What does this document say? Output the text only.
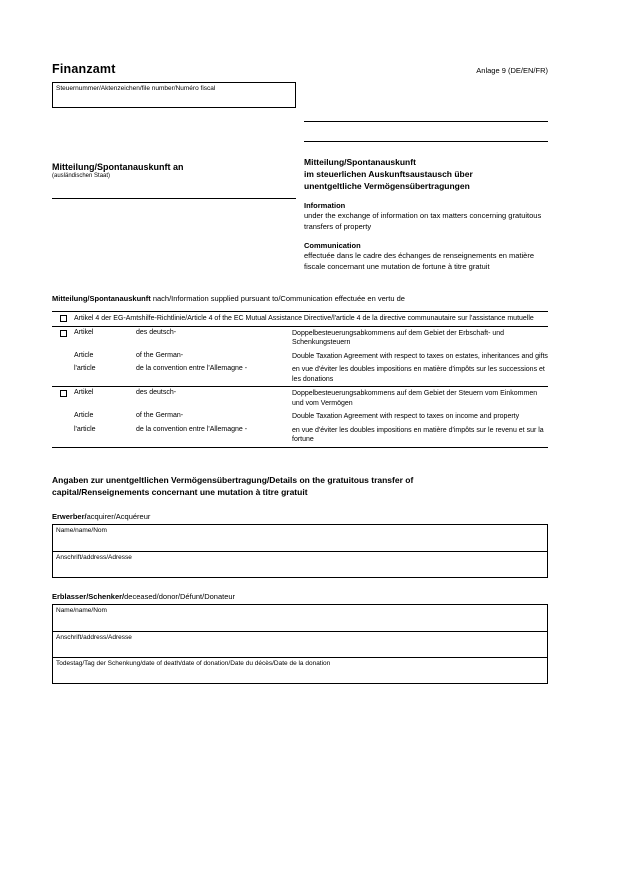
Finanzamt	Anlage 9 (DE/EN/FR)
Steuernummer/Aktenzeichen/file number/Numéro fiscal
Mitteilung/Spontanauskunft an
(ausländischen Staat)
Mitteilung/Spontanauskunft
im steuerlichen Auskunftsaustausch über
unentgeltliche Vermögensübertragungen
Information
under the exchange of information on tax matters concerning gratuitous transfers of property
Communication
effectuée dans le cadre des échanges de renseignements en matière fiscale concernant une mutation de fortune à titre gratuit
Mitteilung/Spontanauskunft nach/Information supplied pursuant to/Communication effectuée en vertu de
Artikel 4 der EG-Amtshilfe-Richtlinie/Article 4 of the EC Mutual Assistance Directive/l'article 4 de la directive communautaire sur l'assistance mutuelle
Artikel	des deutsch-	Doppelbesteuerungsabkommens auf dem Gebiet der Erbschaft- und Schenkungsteuern
Article	of the German-	Double Taxation Agreement with respect to taxes on estates, inheritances and gifts
l'article	de la convention entre l'Allemagne -	en vue d'éviter les doubles impositions en matière d'impôts sur les successions et les donations
Artikel	des deutsch-	Doppelbesteuerungsabkommens auf dem Gebiet der Steuern vom Einkommen und vom Vermögen
Article	of the German-	Double Taxation Agreement with respect to taxes on income and property
l'article	de la convention entre l'Allemagne -	en vue d'éviter les doubles impositions en matière d'impôts sur le revenu et sur la fortune
Angaben zur unentgeltlichen Vermögensübertragung/Details on the gratuitous transfer of
capital/Renseignements concernant une mutation à titre gratuit
Erwerber/acquirer/Acquéreur
Name/name/Nom
Anschrift/address/Adresse
Erblasser/Schenker/deceased/donor/Défunt/Donateur
Name/name/Nom
Anschrift/address/Adresse
Todestag/Tag der Schenkung/date of death/date of donation/Date du décès/Date de la donation
